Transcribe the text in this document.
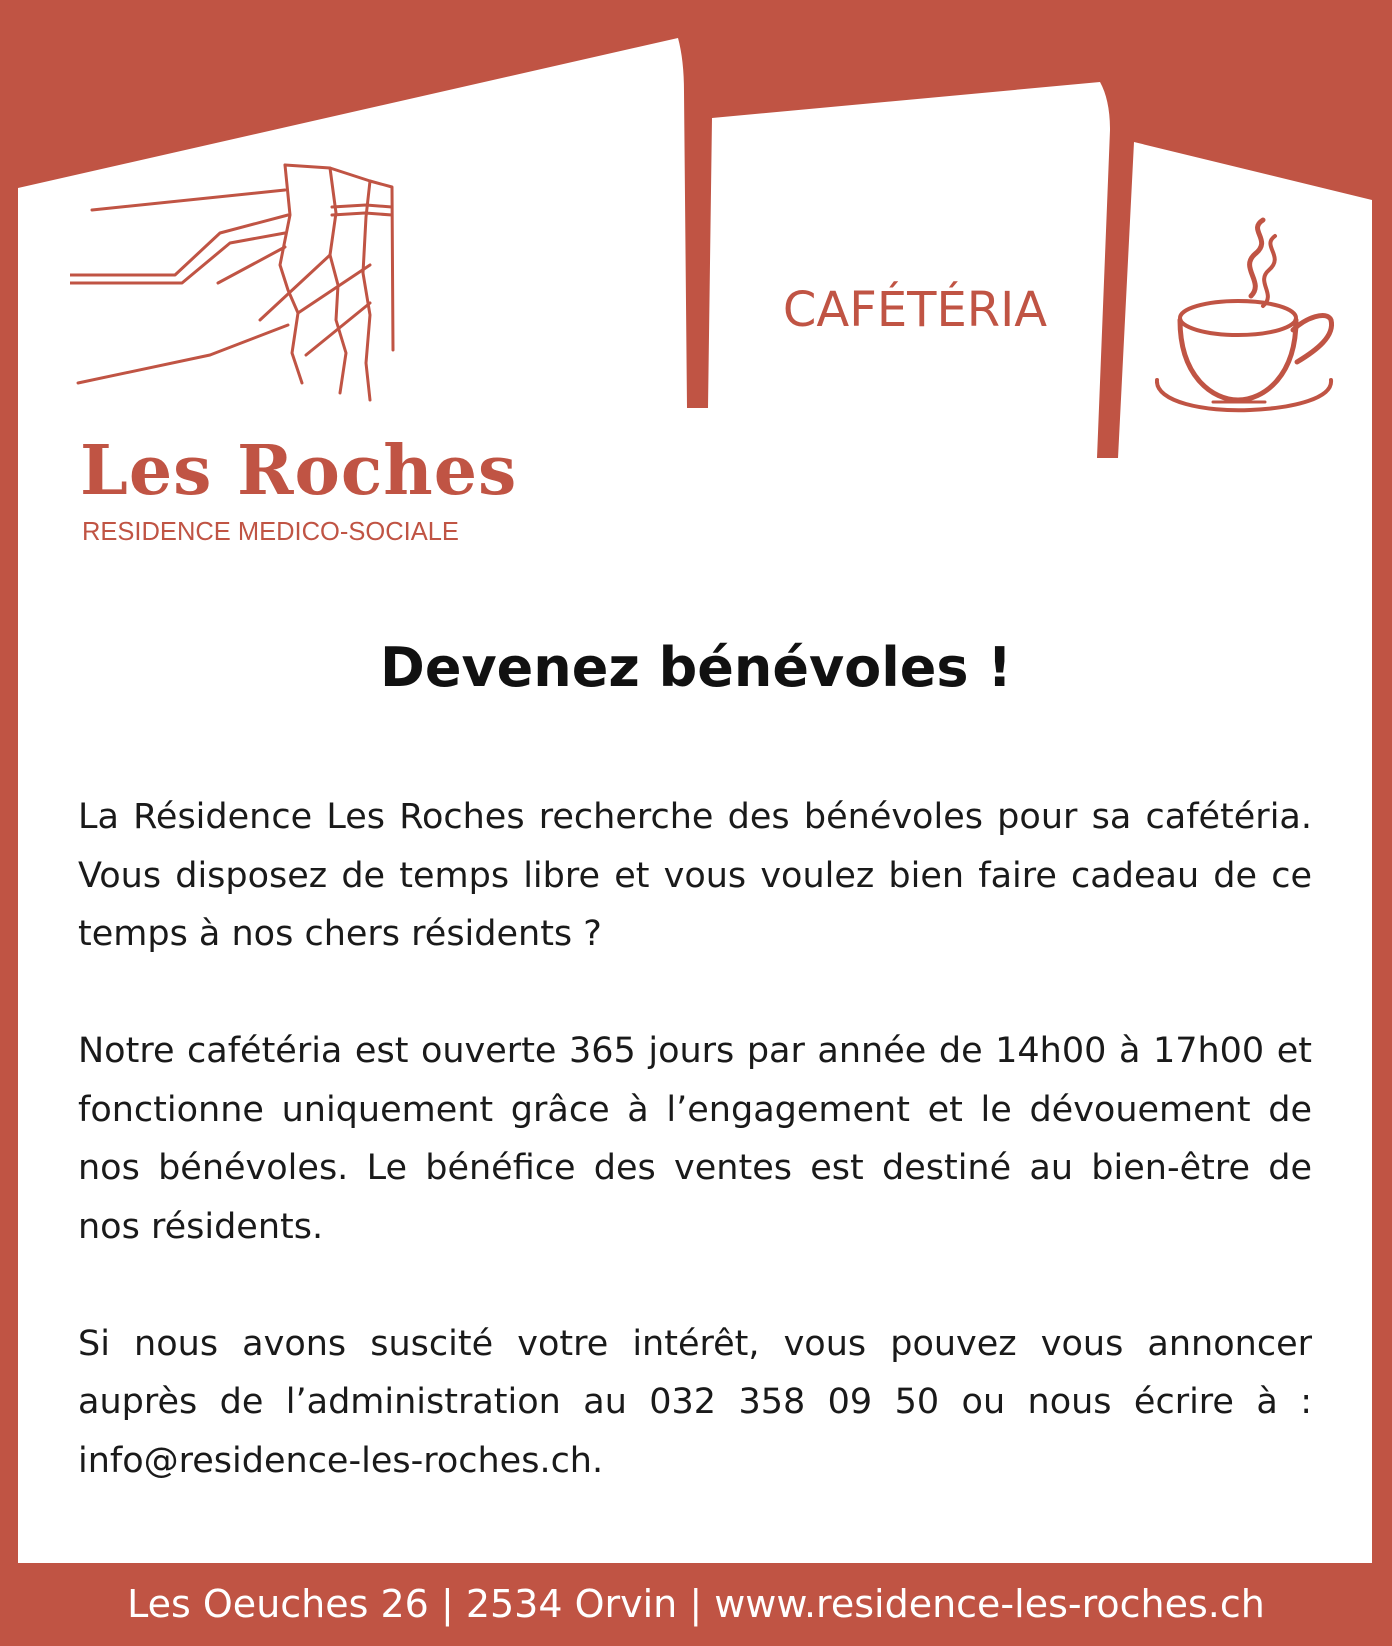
Les Roches
RESIDENCE MEDICO-SOCIALE
CAFÉTÉRIA
Devenez bénévoles !

La Résidence Les Roches recherche des bénévoles pour sa cafétéria. Vous disposez de temps libre et vous voulez bien faire cadeau de ce temps à nos chers résidents ?

Notre cafétéria est ouverte 365 jours par année de 14h00 à 17h00 et fonctionne uniquement grâce à l’engagement et le dévouement de nos bénévoles. Le bénéfice des ventes est destiné au bien-être de nos résidents.

Si nous avons suscité votre intérêt, vous pouvez vous annoncer auprès de l’administration au 032 358 09 50 ou nous écrire à : info@residence-les-roches.ch.

Les Oeuches 26 | 2534 Orvin | www.residence-les-roches.ch
